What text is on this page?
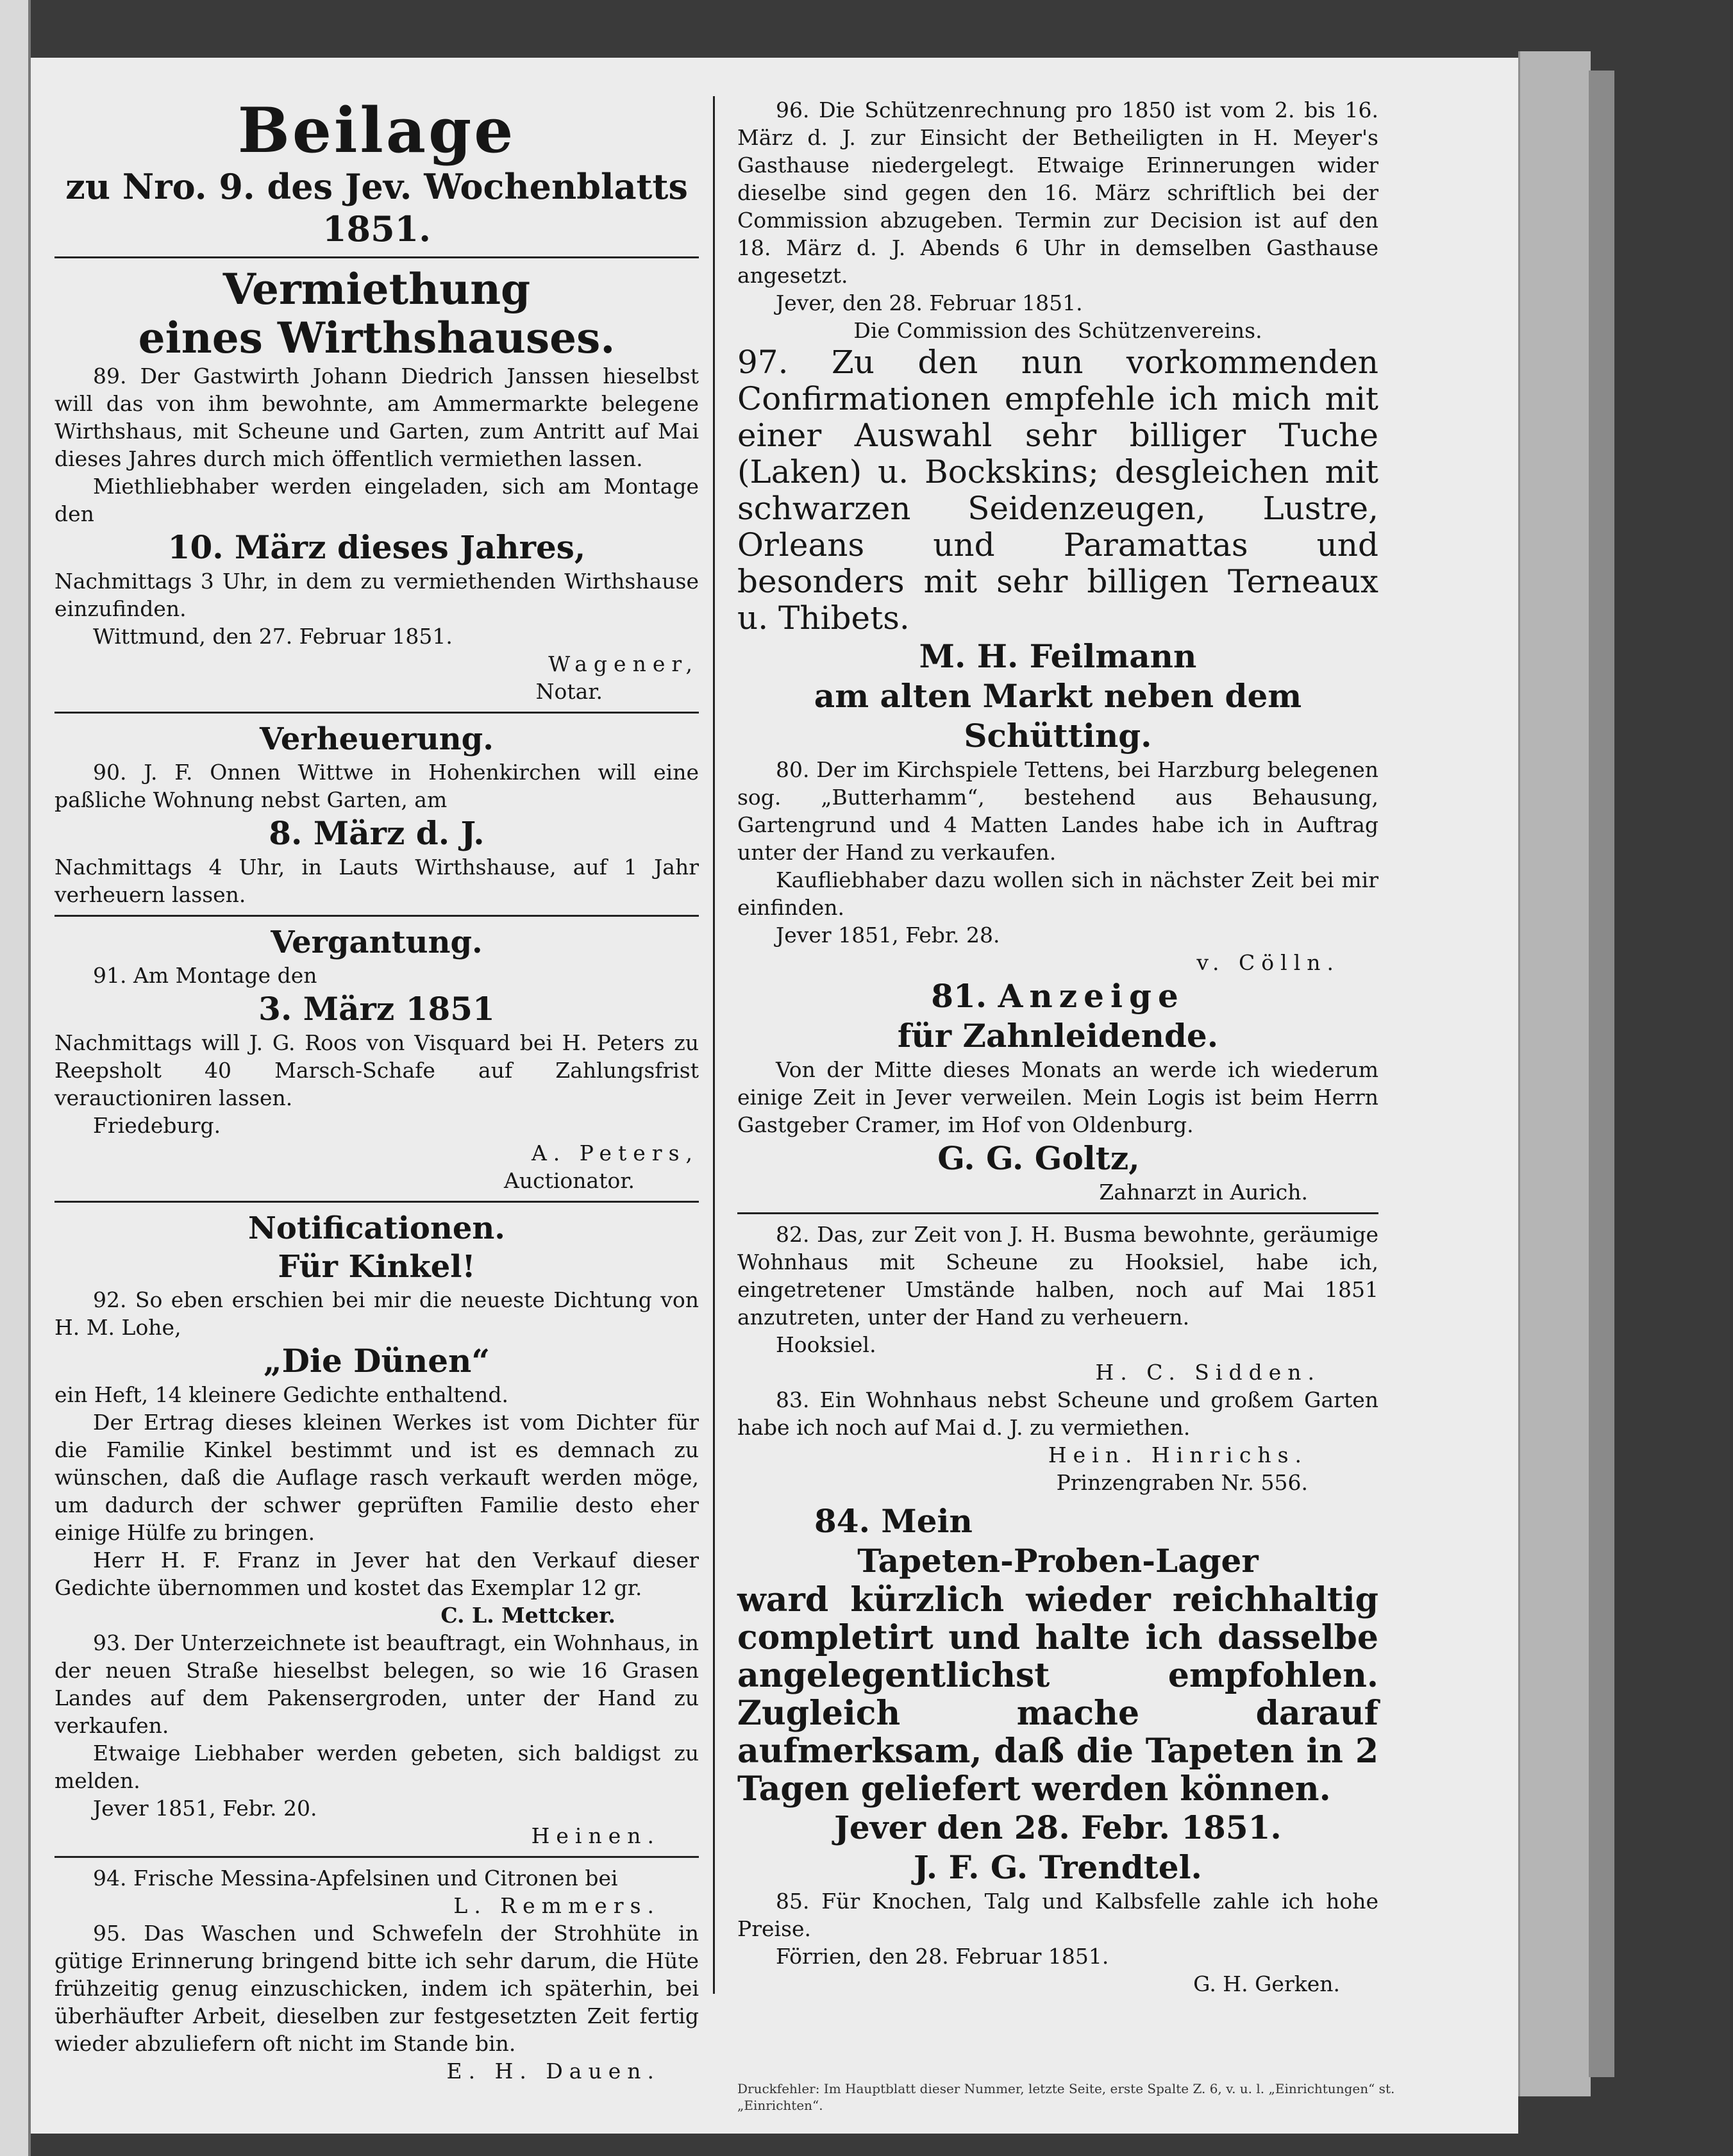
Beilage

zu Nro. 9. des Jev. Wochenblatts 1851.

Vermiethung

eines Wirthshauses.

89. Der Gastwirth Johann Diedrich Janssen hieselbst will das von ihm bewohnte, am Ammermarkte belegene Wirthshaus, mit Scheune und Garten, zum Antritt auf Mai dieses Jahres durch mich öffentlich vermiethen lassen.

Miethliebhaber werden eingeladen, sich am Montage den

10. März dieses Jahres,

Nachmittags 3 Uhr, in dem zu vermiethenden Wirthshause einzufinden.

Wittmund, den 27. Februar 1851.

Wagener,

Notar.

Verheuerung.

90. J. F. Onnen Wittwe in Hohenkirchen will eine paßliche Wohnung nebst Garten, am

8. März d. J.

Nachmittags 4 Uhr, in Lauts Wirthshause, auf 1 Jahr verheuern lassen.

Vergantung.

91. Am Montage den

3. März 1851

Nachmittags will J. G. Roos von Visquard bei H. Peters zu Reepsholt 40 Marsch-Schafe auf Zahlungsfrist verauctioniren lassen.

Friedeburg.

A. Peters,

Auctionator.

Notificationen.

Für Kinkel!

92. So eben erschien bei mir die neueste Dichtung von H. M. Lohe,

„Die Dünen“

ein Heft, 14 kleinere Gedichte enthaltend.

Der Ertrag dieses kleinen Werkes ist vom Dichter für die Familie Kinkel bestimmt und ist es demnach zu wünschen, daß die Auflage rasch verkauft werden möge, um dadurch der schwer geprüften Familie desto eher einige Hülfe zu bringen.

Herr H. F. Franz in Jever hat den Verkauf dieser Gedichte übernommen und kostet das Exemplar 12 gr.

C. L. Mettcker.

93. Der Unterzeichnete ist beauftragt, ein Wohnhaus, in der neuen Straße hieselbst belegen, so wie 16 Grasen Landes auf dem Pakensergroden, unter der Hand zu verkaufen.

Etwaige Liebhaber werden gebeten, sich baldigst zu melden.

Jever 1851, Febr. 20.

Heinen.

94. Frische Messina-Apfelsinen und Citronen bei

L. Remmers.

95. Das Waschen und Schwefeln der Strohhüte in gütige Erinnerung bringend bitte ich sehr darum, die Hüte frühzeitig genug einzuschicken, indem ich späterhin, bei überhäufter Arbeit, dieselben zur festgesetzten Zeit fertig wieder abzuliefern oft nicht im Stande bin.

E. H. Dauen.

96. Die Schützenrechnung pro 1850 ist vom 2. bis 16. März d. J. zur Einsicht der Betheiligten in H. Meyer's Gasthause niedergelegt. Etwaige Erinnerungen wider dieselbe sind gegen den 16. März schriftlich bei der Commission abzugeben. Termin zur Decision ist auf den 18. März d. J. Abends 6 Uhr in demselben Gasthause angesetzt.

Jever, den 28. Februar 1851.

Die Commission des Schützenvereins.

97. Zu den nun vorkommenden Confirmationen empfehle ich mich mit einer Auswahl sehr billiger Tuche (Laken) u. Bockskins; desgleichen mit schwarzen Seidenzeugen, Lustre, Orleans und Paramattas und besonders mit sehr billigen Terneaux u. Thibets.

M. H. Feilmann

am alten Markt neben dem Schütting.

80. Der im Kirchspiele Tettens, bei Harzburg belegenen sog. „Butterhamm“, bestehend aus Behausung, Gartengrund und 4 Matten Landes habe ich in Auftrag unter der Hand zu verkaufen.

Kaufliebhaber dazu wollen sich in nächster Zeit bei mir einfinden.

Jever 1851, Febr. 28.

v. Cölln.

81. Anzeige

für Zahnleidende.

Von der Mitte dieses Monats an werde ich wiederum einige Zeit in Jever verweilen. Mein Logis ist beim Herrn Gastgeber Cramer, im Hof von Oldenburg.

G. G. Goltz,

Zahnarzt in Aurich.

82. Das, zur Zeit von J. H. Busma bewohnte, geräumige Wohnhaus mit Scheune zu Hooksiel, habe ich, eingetretener Umstände halben, noch auf Mai 1851 anzutreten, unter der Hand zu verheuern.

Hooksiel.

H. C. Sidden.

83. Ein Wohnhaus nebst Scheune und großem Garten habe ich noch auf Mai d. J. zu vermiethen.

Hein. Hinrichs.

Prinzengraben Nr. 556.

84. Mein

Tapeten-Proben-Lager

ward kürzlich wieder reichhaltig completirt und halte ich dasselbe angelegentlichst empfohlen. Zugleich mache darauf aufmerksam, daß die Tapeten in 2 Tagen geliefert werden können.

Jever den 28. Febr. 1851.

J. F. G. Trendtel.

85. Für Knochen, Talg und Kalbsfelle zahle ich hohe Preise.

Förrien, den 28. Februar 1851.

G. H. Gerken.

Druckfehler: Im Hauptblatt dieser Nummer, letzte Seite, erste Spalte Z. 6, v. u. l. „Einrichtungen“ st. „Einrichten“.
